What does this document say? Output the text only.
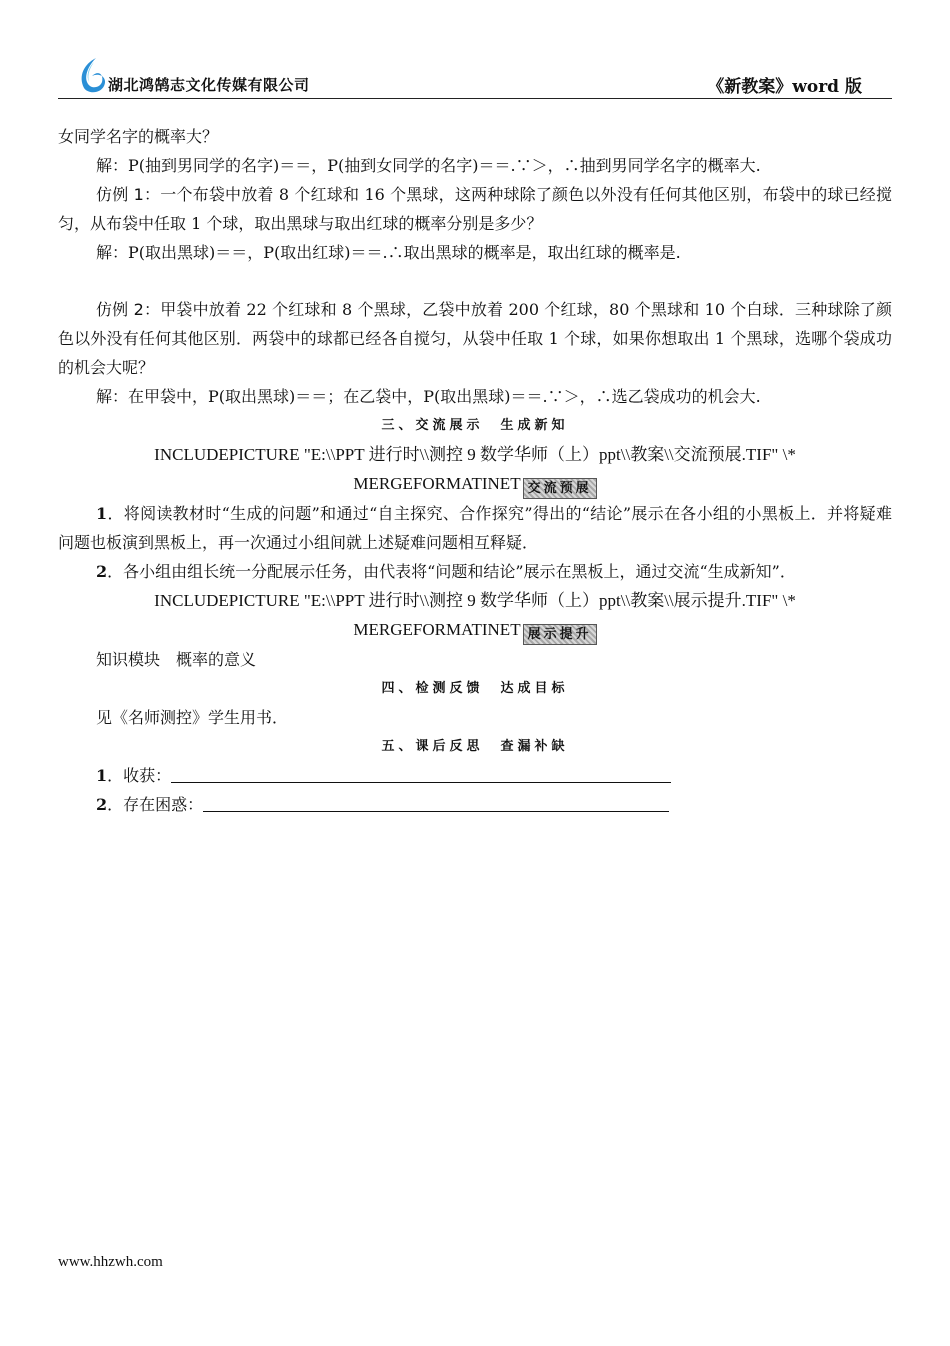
湖北鸿鹄志文化传媒有限公司	《新教案》word 版

女同学名字的概率大？

解：P(抽到男同学的名字)＝＝，P(抽到女同学的名字)＝＝.∵＞，∴抽到男同学名字的概率大.

仿例 1：一个布袋中放着 8 个红球和 16 个黑球，这两种球除了颜色以外没有任何其他区别，布袋中的球已经搅匀，从布袋中任取 1 个球，取出黑球与取出红球的概率分别是多少？

解：P(取出黑球)＝＝，P(取出红球)＝＝.∴取出黑球的概率是，取出红球的概率是.

仿例 2：甲袋中放着 22 个红球和 8 个黑球，乙袋中放着 200 个红球，80 个黑球和 10 个白球．三种球除了颜色以外没有任何其他区别．两袋中的球都已经各自搅匀，从袋中任取 1 个球，如果你想取出 1 个黑球，选哪个袋成功的机会大呢？

解：在甲袋中，P(取出黑球)＝＝；在乙袋中，P(取出黑球)＝＝.∵＞，∴选乙袋成功的机会大.

三、交流展示　生成新知
INCLUDEPICTURE "E:\\PPT 进行时\\测控 9 数学华师（上）ppt\\教案\\交流预展.TIF" \*
MERGEFORMATINET 交流预展

1．将阅读教材时“生成的问题”和通过“自主探究、合作探究”得出的“结论”展示在各小组的小黑板上．并将疑难问题也板演到黑板上，再一次通过小组间就上述疑难问题相互释疑．

2．各小组由组长统一分配展示任务，由代表将“问题和结论”展示在黑板上，通过交流“生成新知”．

INCLUDEPICTURE "E:\\PPT 进行时\\测控 9 数学华师（上）ppt\\教案\\展示提升.TIF" \*
MERGEFORMATINET 展示提升

知识模块　概率的意义

四、检测反馈　达成目标

见《名师测控》学生用书．

五、课后反思　查漏补缺

1．收获：

2．存在困惑：

www.hhzwh.com
